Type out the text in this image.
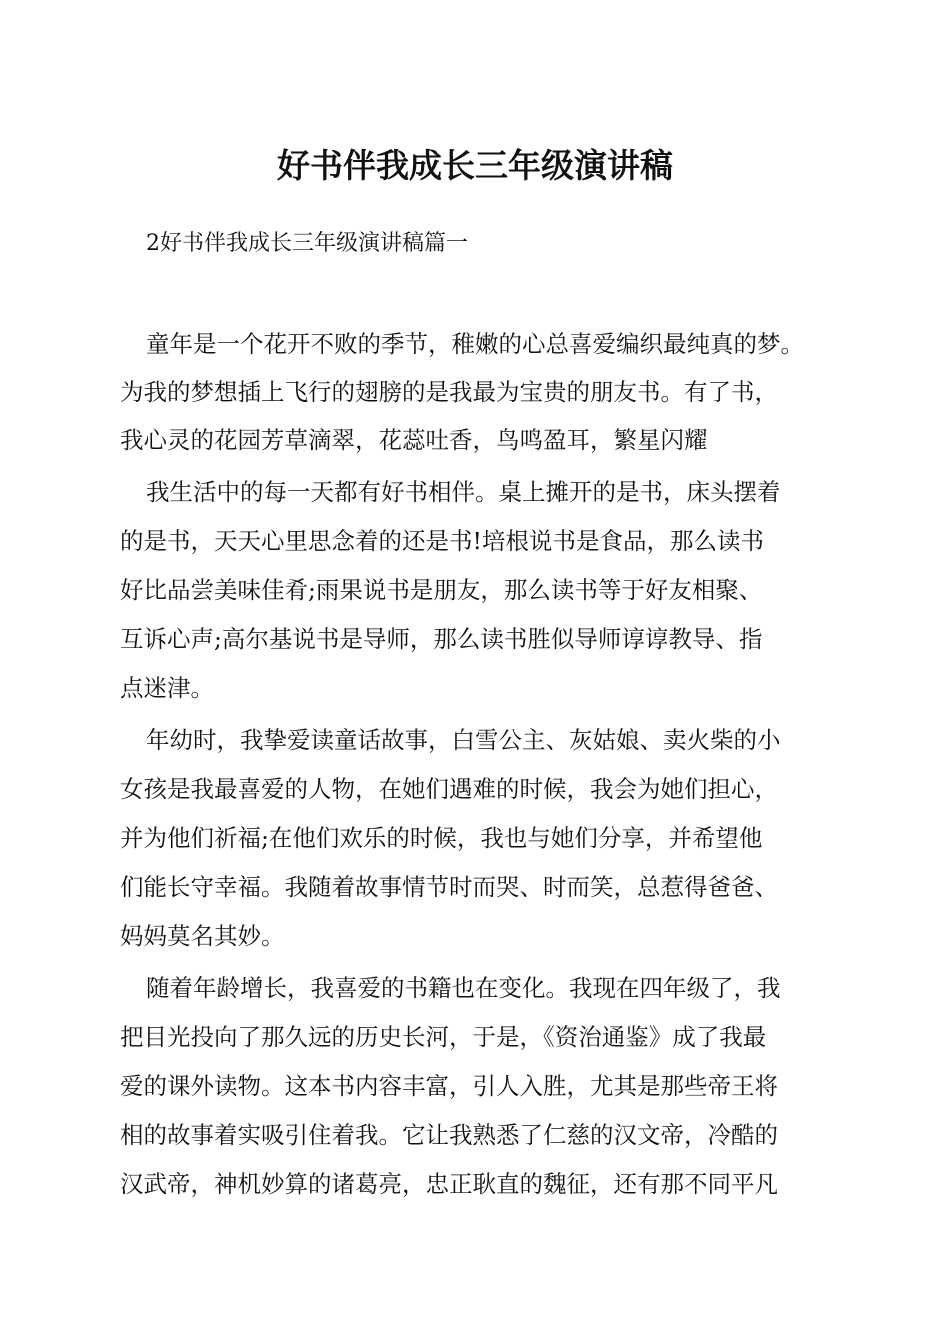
好书伴我成长三年级演讲稿
2好书伴我成长三年级演讲稿篇一
童年是一个花开不败的季节，稚嫩的心总喜爱编织最纯真的梦。
为我的梦想插上飞行的翅膀的是我最为宝贵的朋友书。有了书，
我心灵的花园芳草滴翠，花蕊吐香，鸟鸣盈耳，繁星闪耀
我生活中的每一天都有好书相伴。桌上摊开的是书，床头摆着
的是书，天天心里思念着的还是书!培根说书是食品，那么读书
好比品尝美味佳肴;雨果说书是朋友，那么读书等于好友相聚、
互诉心声;高尔基说书是导师，那么读书胜似导师谆谆教导、指
点迷津。
年幼时，我挚爱读童话故事，白雪公主、灰姑娘、卖火柴的小
女孩是我最喜爱的人物，在她们遇难的时候，我会为她们担心，
并为他们祈福;在他们欢乐的时候，我也与她们分享，并希望他
们能长守幸福。我随着故事情节时而哭、时而笑，总惹得爸爸、
妈妈莫名其妙。
随着年龄增长，我喜爱的书籍也在变化。我现在四年级了，我
把目光投向了那久远的历史长河，于是，《资治通鉴》成了我最
爱的课外读物。这本书内容丰富，引人入胜，尤其是那些帝王将
相的故事着实吸引住着我。它让我熟悉了仁慈的汉文帝，冷酷的
汉武帝，神机妙算的诸葛亮，忠正耿直的魏征，还有那不同平凡
